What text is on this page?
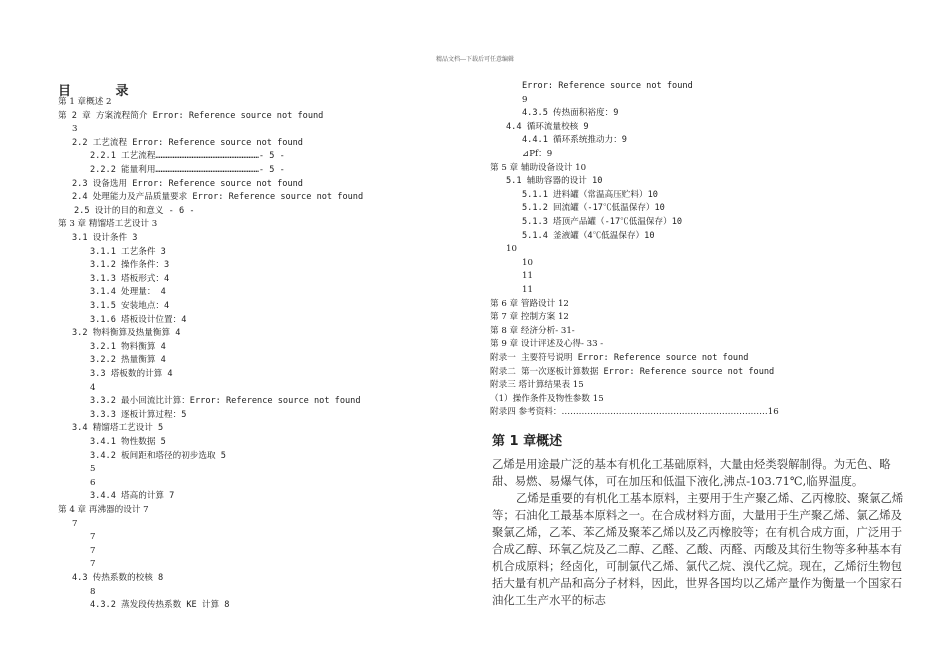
精品文档---下载后可任意编辑
目 录
第 1 章概述 2
第 2 章 方案流程简介 Error: Reference source not found
3
2.2 工艺流程 Error: Reference source not found
2.2.1 工艺流程……………………………………………………- 5 -
2.2.2 能量利用……………………………………………………- 5 -
2.3 设备选用 Error: Reference source not found
2.4 处理能力及产品质量要求 Error: Reference source not found
2.5 设计的目的和意义 - 6 -
第 3 章 精馏塔工艺设计 3
3.1 设计条件 3
3.1.1 工艺条件 3
3.1.2 操作条件：3
3.1.3 塔板形式：4
3.1.4 处理量： 4
3.1.5 安装地点：4
3.1.6 塔板设计位置：4
3.2 物料衡算及热量衡算 4
3.2.1 物料衡算 4
3.2.2 热量衡算 4
3.3 塔板数的计算 4
4
3.3.2 最小回流比计算：Error: Reference source not found
3.3.3 逐板计算过程：5
3.4 精馏塔工艺设计 5
3.4.1 物性数据 5
3.4.2 板间距和塔径的初步选取 5
5
6
3.4.4 塔高的计算 7
第 4 章 再沸器的设计 7
7
7
7
7
4.3 传热系数的校核 8
8
4.3.2 蒸发段传热系数 KE 计算 8
Error: Reference source not found
9
4.3.5 传热面积裕度：9
4.4 循环流量校核 9
4.4.1 循环系统推动力：9
⊿Pf：9
第 5 章 辅助设备设计 10
5.1 辅助容器的设计 10
5.1.1 进料罐（常温高压贮料）10
5.1.2 回流罐（-17℃低温保存）10
5.1.3 塔顶产品罐（-17℃低温保存）10
5.1.4 釜液罐（4℃低温保存）10
10
10
11
11
第 6 章 管路设计 12
第 7 章 控制方案 12
第 8 章 经济分析- 31-
第 9 章 设计评述及心得- 33 -
附录一 主要符号说明 Error: Reference source not found
附录二 第一次逐板计算数据 Error: Reference source not found
附录三 塔计算结果表 15
（1）操作条件及物性参数 15
附录四 参考资料：………………………………………………………………16
第 1 章概述
乙烯是用途最广泛的基本有机化工基础原料，大量由烃类裂解制得。为无色、略甜、易燃、易爆气体，可在加压和低温下液化,沸点-103.71℃,临界温度。
乙烯是重要的有机化工基本原料，主要用于生产聚乙烯、乙丙橡胶、聚氯乙烯等；石油化工最基本原料之一。在合成材料方面，大量用于生产聚乙烯、氯乙烯及聚氯乙烯，乙苯、苯乙烯及聚苯乙烯以及乙丙橡胶等；在有机合成方面，广泛用于合成乙醇、环氧乙烷及乙二醇、乙醛、乙酸、丙醛、丙酸及其衍生物等多种基本有机合成原料；经卤化，可制氯代乙烯、氯代乙烷、溴代乙烷。现在，乙烯衍生物包括大量有机产品和高分子材料，因此，世界各国均以乙烯产量作为衡量一个国家石油化工生产水平的标志
